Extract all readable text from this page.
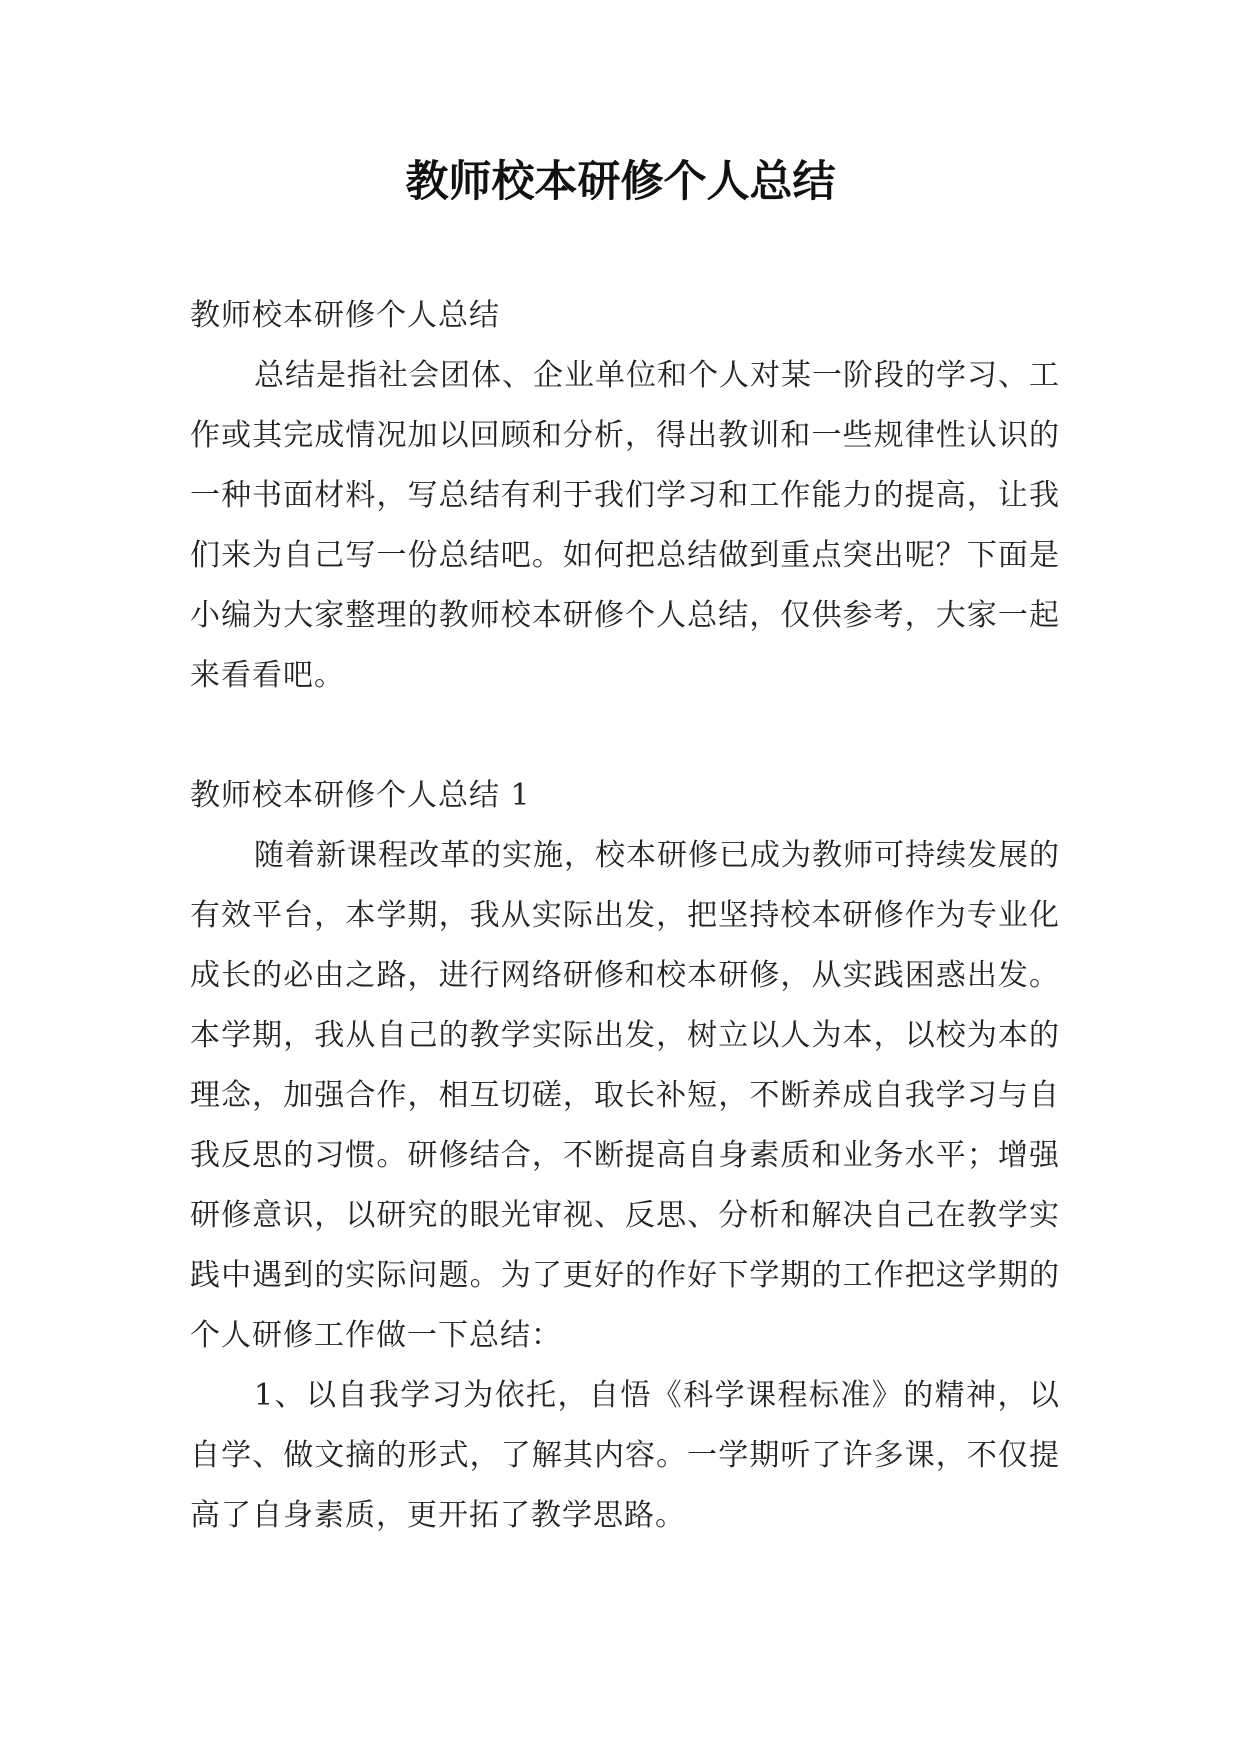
教师校本研修个人总结

教师校本研修个人总结

总结是指社会团体、企业单位和个人对某一阶段的学习、工作或其完成情况加以回顾和分析，得出教训和一些规律性认识的一种书面材料，写总结有利于我们学习和工作能力的提高，让我们来为自己写一份总结吧。如何把总结做到重点突出呢？下面是小编为大家整理的教师校本研修个人总结，仅供参考，大家一起来看看吧。

教师校本研修个人总结 1

随着新课程改革的实施，校本研修已成为教师可持续发展的有效平台，本学期，我从实际出发，把坚持校本研修作为专业化成长的必由之路，进行网络研修和校本研修，从实践困惑出发。本学期，我从自己的教学实际出发，树立以人为本，以校为本的理念，加强合作，相互切磋，取长补短，不断养成自我学习与自我反思的习惯。研修结合，不断提高自身素质和业务水平；增强研修意识，以研究的眼光审视、反思、分析和解决自己在教学实践中遇到的实际问题。为了更好的作好下学期的工作把这学期的个人研修工作做一下总结：

1、以自我学习为依托，自悟《科学课程标准》的精神，以自学、做文摘的形式，了解其内容。一学期听了许多课，不仅提高了自身素质，更开拓了教学思路。
